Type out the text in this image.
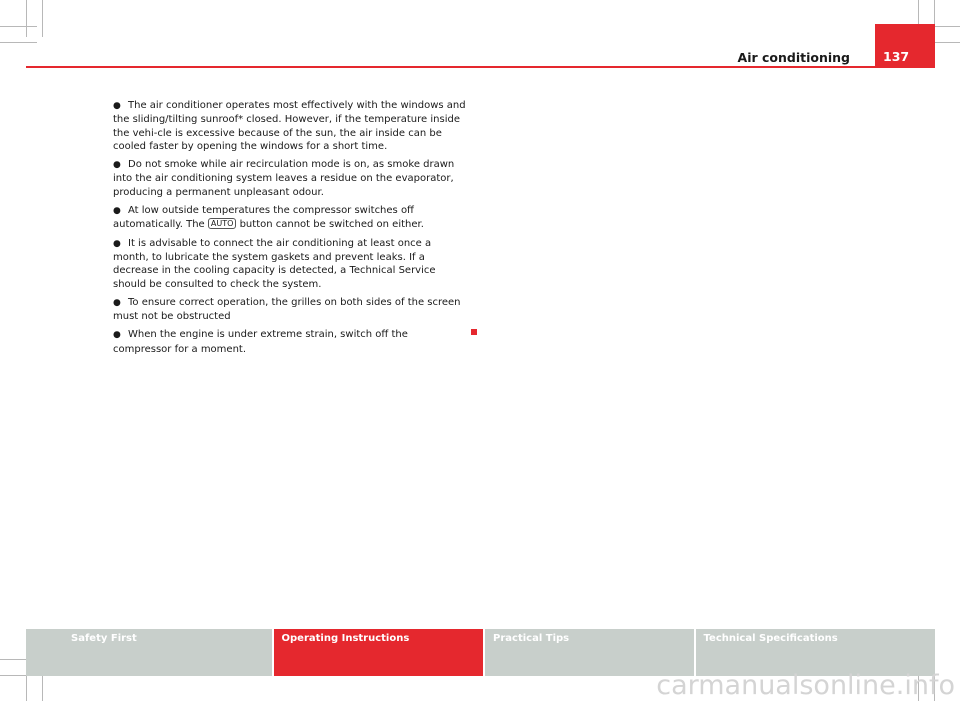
137
Air conditioning

● The air conditioner operates most effectively with the windows and the sliding/tilting sunroof* closed. However, if the temperature inside the vehi-cle is excessive because of the sun, the air inside can be cooled faster by opening the windows for a short time.

● Do not smoke while air recirculation mode is on, as smoke drawn into the air conditioning system leaves a residue on the evaporator, producing a permanent unpleasant odour.

● At low outside temperatures the compressor switches off automatically. The AUTO button cannot be switched on either.

● It is advisable to connect the air conditioning at least once a month, to lubricate the system gaskets and prevent leaks. If a decrease in the cooling capacity is detected, a Technical Service should be consulted to check the system.

● To ensure correct operation, the grilles on both sides of the screen must not be obstructed

● When the engine is under extreme strain, switch off the compressor for a moment.

Safety First	Operating Instructions	Practical Tips	Technical Specifications
carmanualsonline.info
